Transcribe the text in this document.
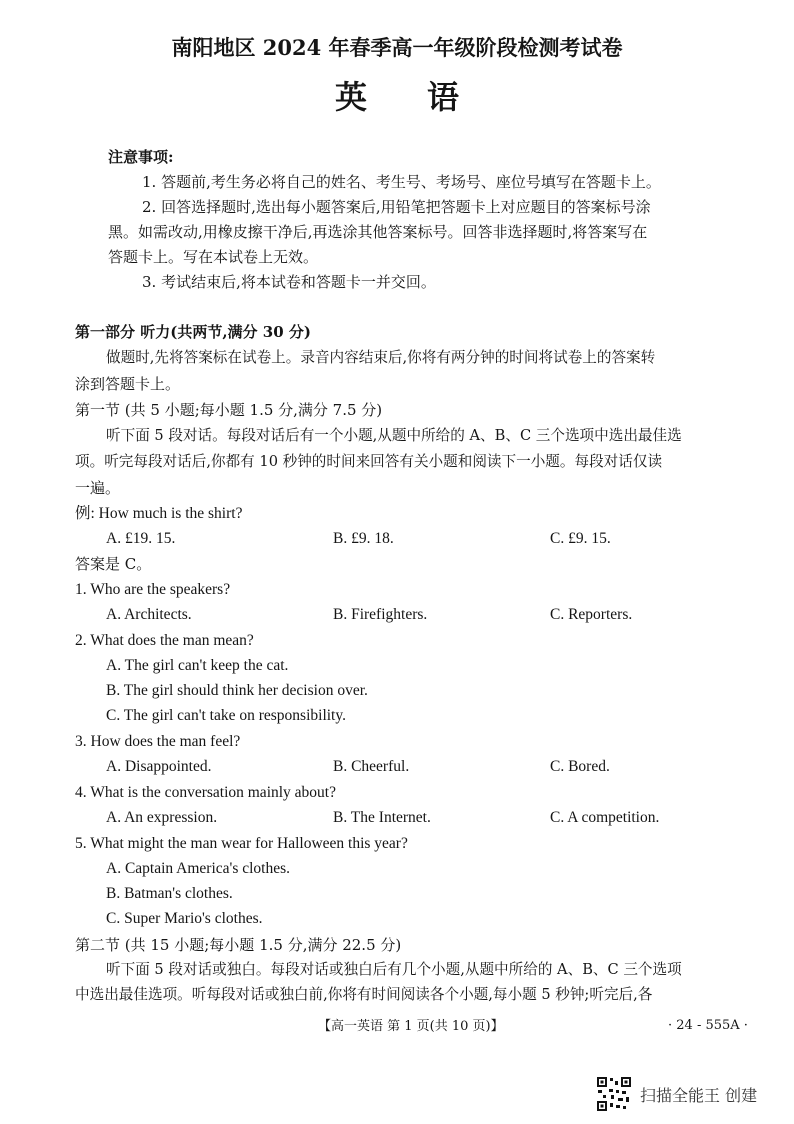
南阳地区 2024 年春季高一年级阶段检测考试卷
英语
注意事项:
1. 答题前,考生务必将自己的姓名、考生号、考场号、座位号填写在答题卡上。
2. 回答选择题时,选出每小题答案后,用铅笔把答题卡上对应题目的答案标号涂
黑。如需改动,用橡皮擦干净后,再选涂其他答案标号。回答非选择题时,将答案写在
答题卡上。写在本试卷上无效。
3. 考试结束后,将本试卷和答题卡一并交回。
第一部分 听力(共两节,满分 30 分)
做题时,先将答案标在试卷上。录音内容结束后,你将有两分钟的时间将试卷上的答案转
涂到答题卡上。
第一节 (共 5 小题;每小题 1.5 分,满分 7.5 分)
听下面 5 段对话。每段对话后有一个小题,从题中所给的 A、B、C 三个选项中选出最佳选
项。听完每段对话后,你都有 10 秒钟的时间来回答有关小题和阅读下一小题。每段对话仅读
一遍。
例: How much is the shirt?
A. £19. 15.	B. £9. 18.	C. £9. 15.
答案是 C。
1. Who are the speakers?
A. Architects.	B. Firefighters.	C. Reporters.
2. What does the man mean?
A. The girl can't keep the cat.
B. The girl should think her decision over.
C. The girl can't take on responsibility.
3. How does the man feel?
A. Disappointed.	B. Cheerful.	C. Bored.
4. What is the conversation mainly about?
A. An expression.	B. The Internet.	C. A competition.
5. What might the man wear for Halloween this year?
A. Captain America's clothes.
B. Batman's clothes.
C. Super Mario's clothes.
第二节 (共 15 小题;每小题 1.5 分,满分 22.5 分)
听下面 5 段对话或独白。每段对话或独白后有几个小题,从题中所给的 A、B、C 三个选项
中选出最佳选项。听每段对话或独白前,你将有时间阅读各个小题,每小题 5 秒钟;听完后,各
【高一英语 第 1 页(共 10 页)】	· 24 - 555A ·
扫描全能王 创建
